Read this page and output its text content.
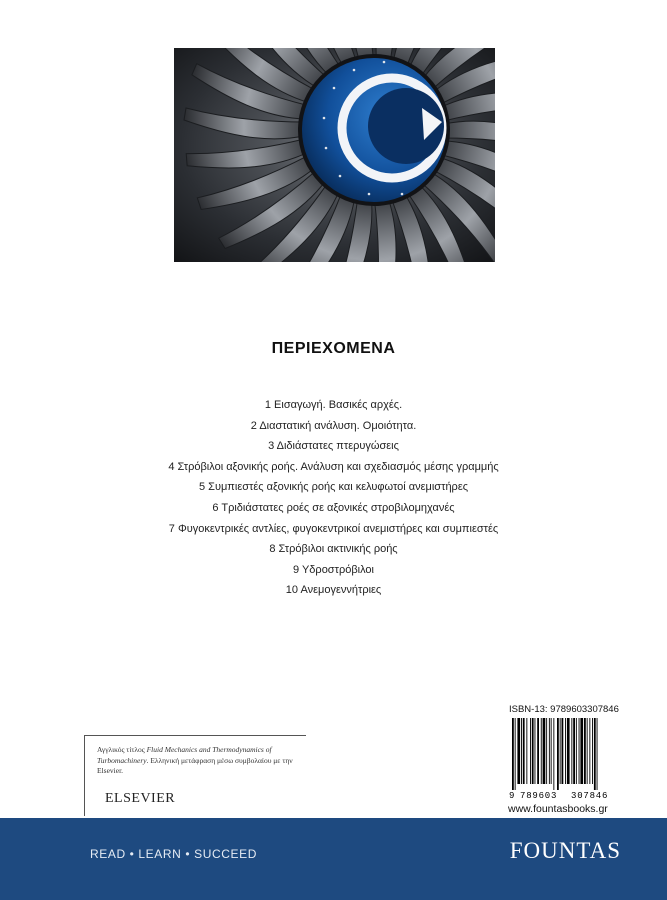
ΠΕΡΙΕΧΟΜΕΝΑ
1 Εισαγωγή. Βασικές αρχές.
2 Διαστατική ανάλυση. Ομοιότητα.
3 Διδιάστατες πτερυγώσεις
4 Στρόβιλοι αξονικής ροής. Ανάλυση και σχεδιασμός μέσης γραμμής
5 Συμπιεστές αξονικής ροής και κελυφωτοί ανεμιστήρες
6 Τριδιάστατες ροές σε αξονικές στροβιλομηχανές
7 Φυγοκεντρικές αντλίες, φυγοκεντρικοί ανεμιστήρες και συμπιεστές
8 Στρόβιλοι ακτινικής ροής
9 Υδροστρόβιλοι
10 Ανεμογεννήτριες
Αγγλικός τίτλος Fluid Mechanics and Thermodynamics of Turbomachinery. Ελληνική μετάφραση μέσω συμβολαίου με την Elsevier.
ELSEVIER
ISBN-13: 9789603307846
9 789603 307846
www.fountasbooks.gr
READ • LEARN • SUCCEED	FOUNTAS
